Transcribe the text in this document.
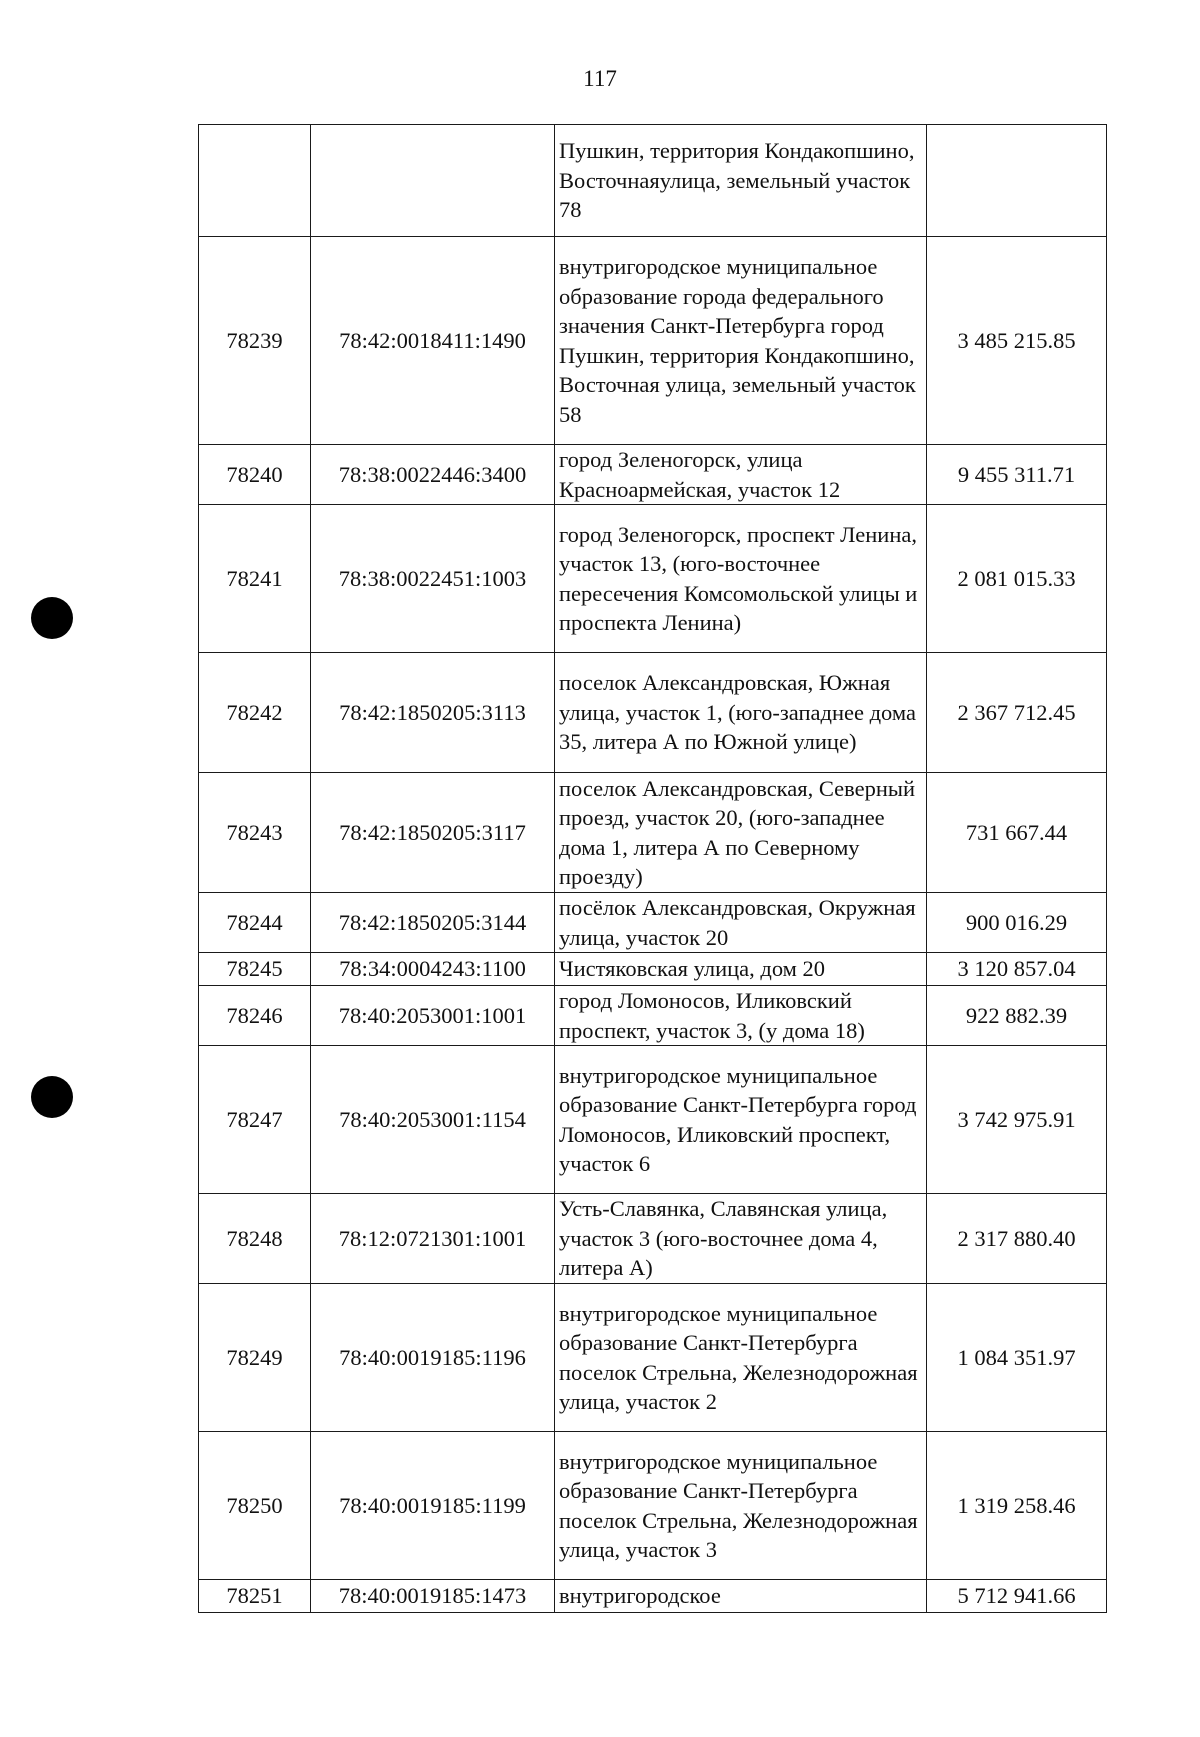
117
		Пушкин, территория Кондакопшино, Восточнаяулица, земельный участок 78	
78239	78:42:0018411:1490	внутригородское муниципальное образование города федерального значения Санкт-Петербурга город Пушкин, территория Кондакопшино, Восточная улица, земельный участок 58	3 485 215.85
78240	78:38:0022446:3400	город Зеленогорск, улица Красноармейская, участок 12	9 455 311.71
78241	78:38:0022451:1003	город Зеленогорск, проспект Ленина, участок 13, (юго-восточнее пересечения Комсомольской улицы и проспекта Ленина)	2 081 015.33
78242	78:42:1850205:3113	поселок Александровская, Южная улица, участок 1, (юго-западнее дома 35, литера А по Южной улице)	2 367 712.45
78243	78:42:1850205:3117	поселок Александровская, Северный проезд, участок 20, (юго-западнее дома 1, литера А по Северному проезду)	731 667.44
78244	78:42:1850205:3144	посёлок Александровская, Окружная улица, участок 20	900 016.29
78245	78:34:0004243:1100	Чистяковская улица, дом 20	3 120 857.04
78246	78:40:2053001:1001	город Ломоносов, Иликовский проспект, участок 3, (у дома 18)	922 882.39
78247	78:40:2053001:1154	внутригородское муниципальное образование Санкт-Петербурга город Ломоносов, Иликовский проспект, участок 6	3 742 975.91
78248	78:12:0721301:1001	Усть-Славянка, Славянская улица, участок 3 (юго-восточнее дома 4, литера А)	2 317 880.40
78249	78:40:0019185:1196	внутригородское муниципальное образование Санкт-Петербурга поселок Стрельна, Железнодорожная улица, участок 2	1 084 351.97
78250	78:40:0019185:1199	внутригородское муниципальное образование Санкт-Петербурга поселок Стрельна, Железнодорожная улица, участок 3	1 319 258.46
78251	78:40:0019185:1473	внутригородское	5 712 941.66
